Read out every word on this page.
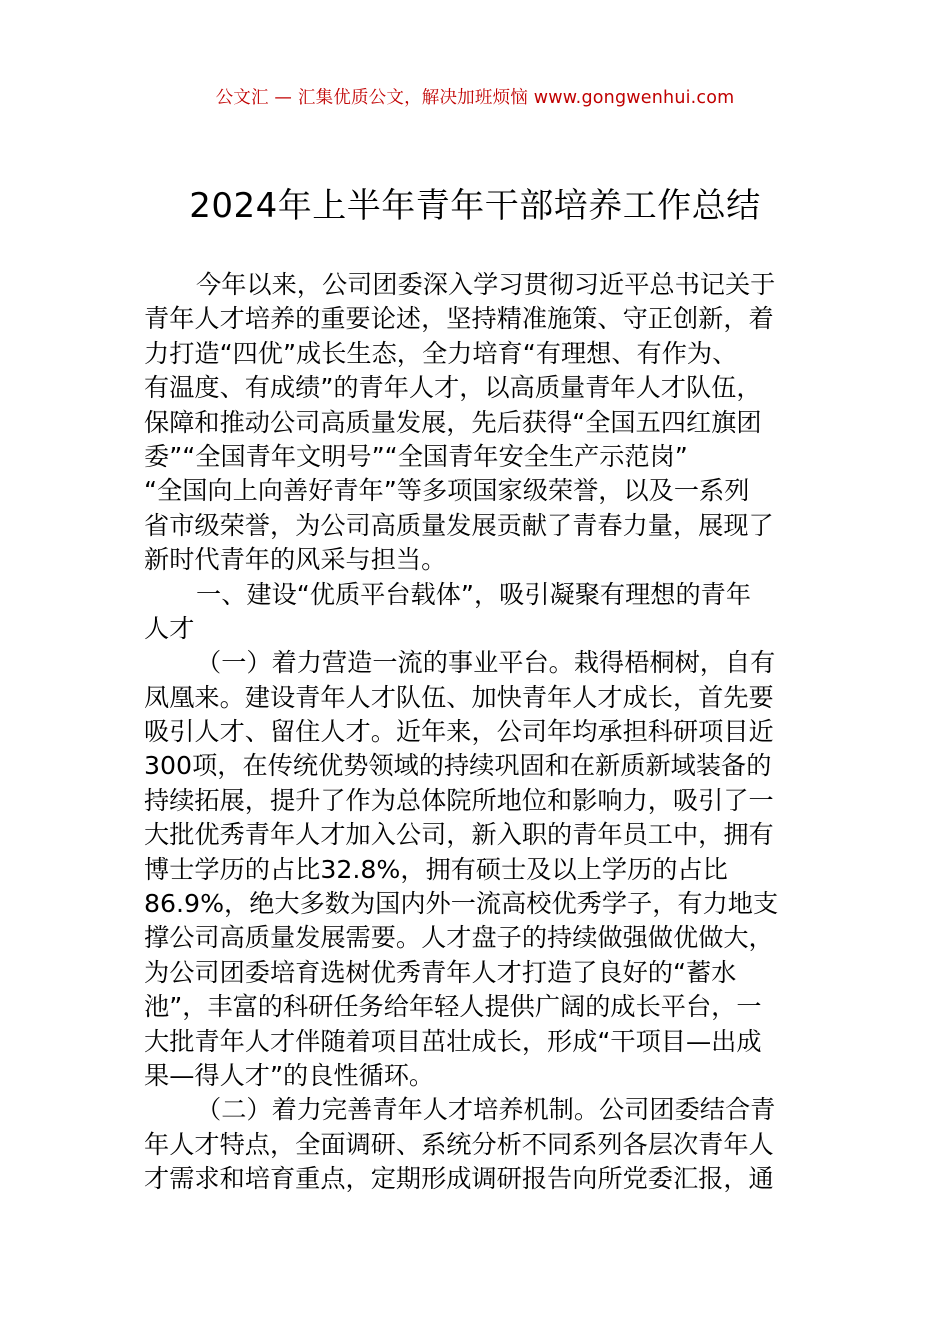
公文汇 — 汇集优质公文，解决加班烦恼 www.gongwenhui.com
2024年上半年青年干部培养工作总结
今年以来，公司团委深入学习贯彻习近平总书记关于
青年人才培养的重要论述，坚持精准施策、守正创新，着
力打造“四优”成长生态，全力培育“有理想、有作为、
有温度、有成绩”的青年人才，以高质量青年人才队伍，
保障和推动公司高质量发展，先后获得“全国五四红旗团
委”“全国青年文明号”“全国青年安全生产示范岗”
“全国向上向善好青年”等多项国家级荣誉，以及一系列
省市级荣誉，为公司高质量发展贡献了青春力量，展现了
新时代青年的风采与担当。
一、建设“优质平台载体”，吸引凝聚有理想的青年
人才
（一）着力营造一流的事业平台。栽得梧桐树，自有
凤凰来。建设青年人才队伍、加快青年人才成长，首先要
吸引人才、留住人才。近年来，公司年均承担科研项目近
300项，在传统优势领域的持续巩固和在新质新域装备的
持续拓展，提升了作为总体院所地位和影响力，吸引了一
大批优秀青年人才加入公司，新入职的青年员工中，拥有
博士学历的占比32.8%，拥有硕士及以上学历的占比
86.9%，绝大多数为国内外一流高校优秀学子，有力地支
撑公司高质量发展需要。人才盘子的持续做强做优做大，
为公司团委培育选树优秀青年人才打造了良好的“蓄水
池”，丰富的科研任务给年轻人提供广阔的成长平台，一
大批青年人才伴随着项目茁壮成长，形成“干项目—出成
果—得人才”的良性循环。
（二）着力完善青年人才培养机制。公司团委结合青
年人才特点，全面调研、系统分析不同系列各层次青年人
才需求和培育重点，定期形成调研报告向所党委汇报，通
